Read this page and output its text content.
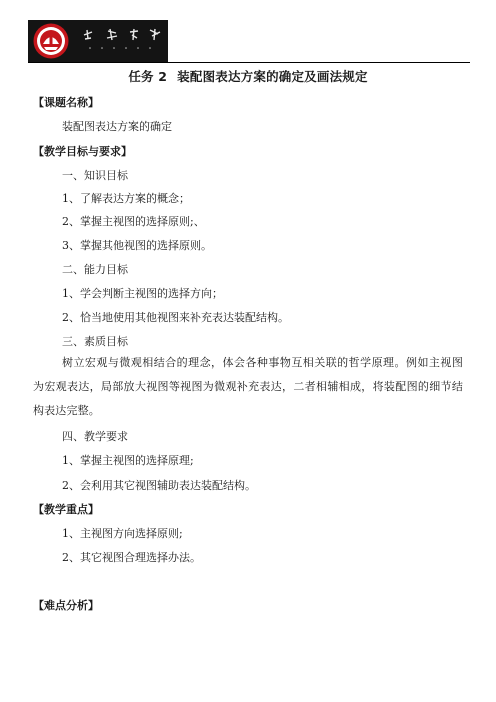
任务 2 装配图表达方案的确定及画法规定
【课题名称】
装配图表达方案的确定
【教学目标与要求】
一、知识目标
1、了解表达方案的概念；
2、掌握主视图的选择原则;、
3、掌握其他视图的选择原则。
二、能力目标
1、学会判断主视图的选择方向；
2、恰当地使用其他视图来补充表达装配结构。
三、素质目标
树立宏观与微观相结合的理念，体会各种事物互相关联的哲学原理。例如主视图为宏观表达，局部放大视图等视图为微观补充表达，二者相辅相成，将装配图的细节结构表达完整。
四、教学要求
1、掌握主视图的选择原理;
2、会利用其它视图辅助表达装配结构。
【教学重点】
1、主视图方向选择原则;
2、其它视图合理选择办法。
【难点分析】
